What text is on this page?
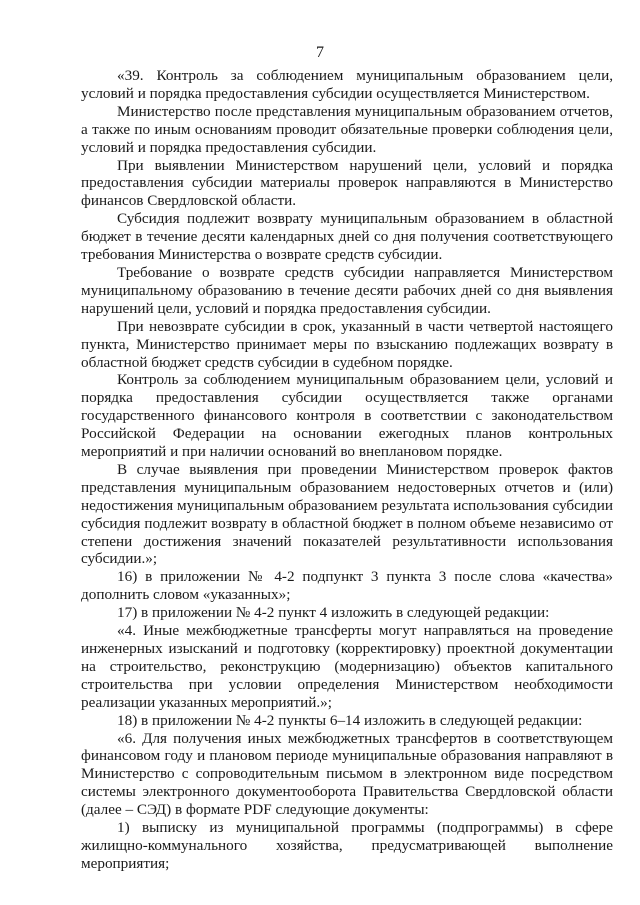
7

«39. Контроль за соблюдением муниципальным образованием цели, условий и порядка предоставления субсидии осуществляется Министерством.

Министерство после представления муниципальным образованием отчетов, а также по иным основаниям проводит обязательные проверки соблюдения цели, условий и порядка предоставления субсидии.

При выявлении Министерством нарушений цели, условий и порядка предоставления субсидии материалы проверок направляются в Министерство финансов Свердловской области.

Субсидия подлежит возврату муниципальным образованием в областной бюджет в течение десяти календарных дней со дня получения соответствующего требования Министерства о возврате средств субсидии.

Требование о возврате средств субсидии направляется Министерством муниципальному образованию в течение десяти рабочих дней со дня выявления нарушений цели, условий и порядка предоставления субсидии.

При невозврате субсидии в срок, указанный в части четвертой настоящего пункта, Министерство принимает меры по взысканию подлежащих возврату в областной бюджет средств субсидии в судебном порядке.

Контроль за соблюдением муниципальным образованием цели, условий и порядка предоставления субсидии осуществляется также органами государственного финансового контроля в соответствии с законодательством Российской Федерации на основании ежегодных планов контрольных мероприятий и при наличии оснований во внеплановом порядке.

В случае выявления при проведении Министерством проверок фактов представления муниципальным образованием недостоверных отчетов и (или) недостижения муниципальным образованием результата использования субсидии субсидия подлежит возврату в областной бюджет в полном объеме независимо от степени достижения значений показателей результативности использования субсидии.»;

16) в приложении № 4-2 подпункт 3 пункта 3 после слова «качества» дополнить словом «указанных»;

17) в приложении № 4-2 пункт 4 изложить в следующей редакции:

«4. Иные межбюджетные трансферты могут направляться на проведение инженерных изысканий и подготовку (корректировку) проектной документации на строительство, реконструкцию (модернизацию) объектов капитального строительства при условии определения Министерством необходимости реализации указанных мероприятий.»;

18) в приложении № 4-2 пункты 6–14 изложить в следующей редакции:

«6. Для получения иных межбюджетных трансфертов в соответствующем финансовом году и плановом периоде муниципальные образования направляют в Министерство с сопроводительным письмом в электронном виде посредством системы электронного документооборота Правительства Свердловской области (далее – СЭД) в формате PDF следующие документы:

1) выписку из муниципальной программы (подпрограммы) в сфере жилищно-коммунального хозяйства, предусматривающей выполнение мероприятия;
